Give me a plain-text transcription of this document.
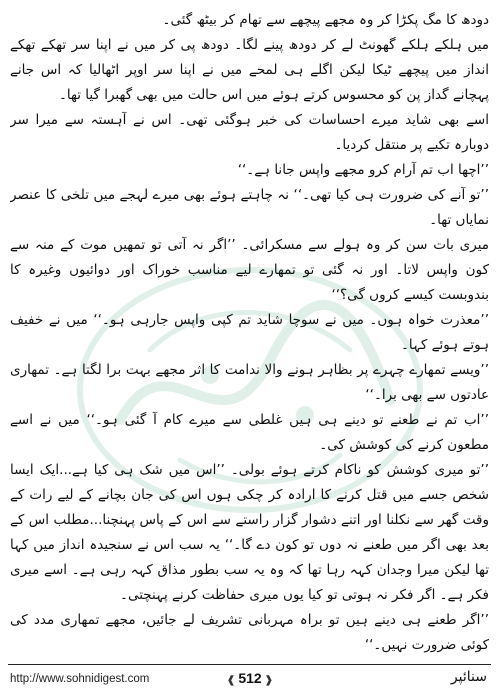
دودھ کا مگ پکڑا کر وہ مجھے پیچھے سے تھام کر بیٹھ گئی۔

میں ہلکے ہلکے گھونٹ لے کر دودھ پینے لگا۔ دودھ پی کر میں نے اپنا سر تھکے تھکے انداز میں پیچھے ٹیکا لیکن اگلے ہی لمحے میں نے اپنا سر اوپر اٹھالیا کہ اس جانے پہچانے گداز پن کو محسوس کرتے ہوئے میں اس حالت میں بھی گھبرا گیا تھا۔

اسے بھی شاید میرے احساسات کی خبر ہوگئی تھی۔ اس نے آہستہ سے میرا سر دوبارہ تکیے پر منتقل کردیا۔

’’اچھا اب تم آرام کرو مجھے واپس جانا ہے۔‘‘

’’تو آنے کی ضرورت ہی کیا تھی۔‘‘ نہ چاہتے ہوئے بھی میرے لہجے میں تلخی کا عنصر نمایاں تھا۔

میری بات سن کر وہ ہولے سے مسکرائی۔ ’’اگر نہ آتی تو تمھیں موت کے منہ سے کون واپس لاتا۔ اور نہ گئی تو تمھارے لیے مناسب خوراک اور دوائیوں وغیرہ کا بندوبست کیسے کروں گی؟‘‘

’’معذرت خواہ ہوں۔ میں نے سوچا شاید تم کپی واپس جارہی ہو۔‘‘ میں نے خفیف ہوتے ہوئے کہا۔

’’ویسے تمھارے چہرے پر بظاہر ہونے والا ندامت کا اثر مجھے بہت برا لگتا ہے۔ تمھاری عادتوں سے بھی برا۔‘‘

’’اب تم نے طعنے تو دینے ہی ہیں غلطی سے میرے کام آ گئی ہو۔‘‘ میں نے اسے مطعون کرنے کی کوشش کی۔

’’تو میری کوشش کو ناکام کرتے ہوئے بولی۔ ’’اس میں شک ہی کیا ہے...ایک ایسا شخص جسے میں قتل کرنے کا ارادہ کر چکی ہوں اس کی جان بچانے کے لیے رات کے وقت گھر سے نکلنا اور اتنے دشوار گزار راستے سے اس کے پاس پہنچنا...مطلب اس کے بعد بھی اگر میں طعنے نہ دوں تو کون دے گا۔‘‘ یہ سب اس نے سنجیدہ انداز میں کہا تھا لیکن میرا وجدان کہہ رہا تھا کہ وہ یہ سب بطور مذاق کہہ رہی ہے۔ اسے میری فکر ہے۔ اگر فکر نہ ہوتی تو کیا یوں میری حفاظت کرنے پہنچتی۔

’’اگر طعنے ہی دینے ہیں تو براہ مہربانی تشریف لے جائیں، مجھے تمھاری مدد کی کوئی ضرورت نہیں۔‘‘

http://www.sohnidigest.com	❰ 512 ❱	سنائپر
